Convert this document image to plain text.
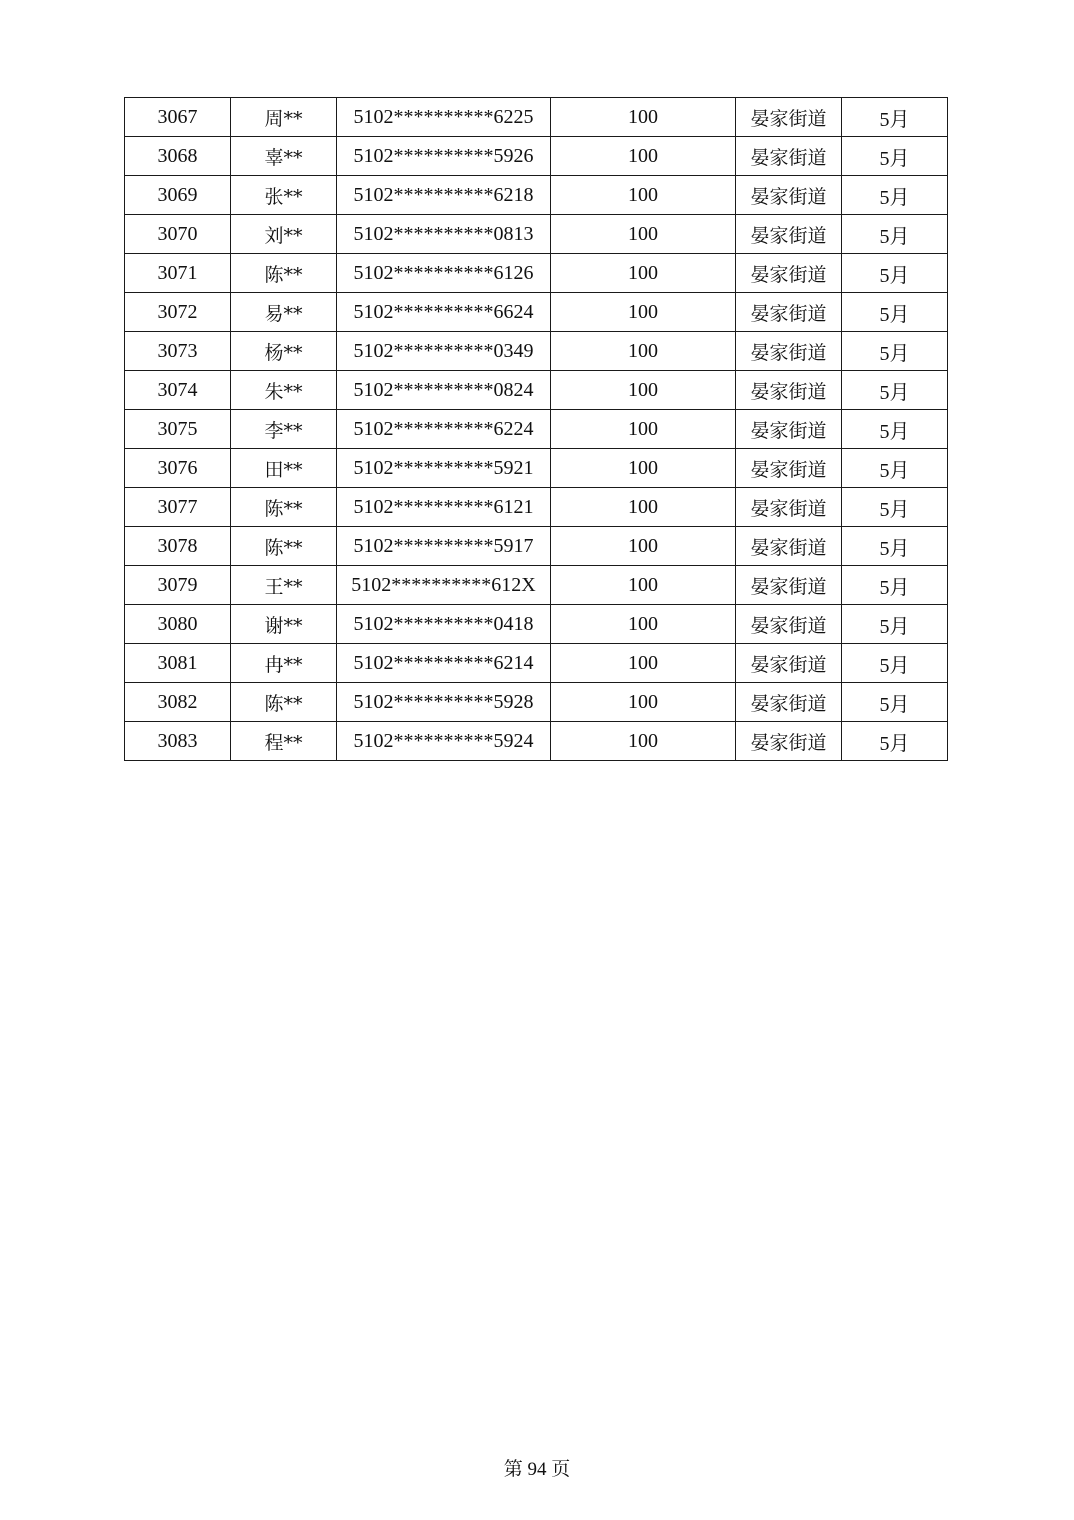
3067	周**	5102**********6225	100	晏家街道	5月
3068	辜**	5102**********5926	100	晏家街道	5月
3069	张**	5102**********6218	100	晏家街道	5月
3070	刘**	5102**********0813	100	晏家街道	5月
3071	陈**	5102**********6126	100	晏家街道	5月
3072	易**	5102**********6624	100	晏家街道	5月
3073	杨**	5102**********0349	100	晏家街道	5月
3074	朱**	5102**********0824	100	晏家街道	5月
3075	李**	5102**********6224	100	晏家街道	5月
3076	田**	5102**********5921	100	晏家街道	5月
3077	陈**	5102**********6121	100	晏家街道	5月
3078	陈**	5102**********5917	100	晏家街道	5月
3079	王**	5102**********612X	100	晏家街道	5月
3080	谢**	5102**********0418	100	晏家街道	5月
3081	冉**	5102**********6214	100	晏家街道	5月
3082	陈**	5102**********5928	100	晏家街道	5月
3083	程**	5102**********5924	100	晏家街道	5月
第 94 页
